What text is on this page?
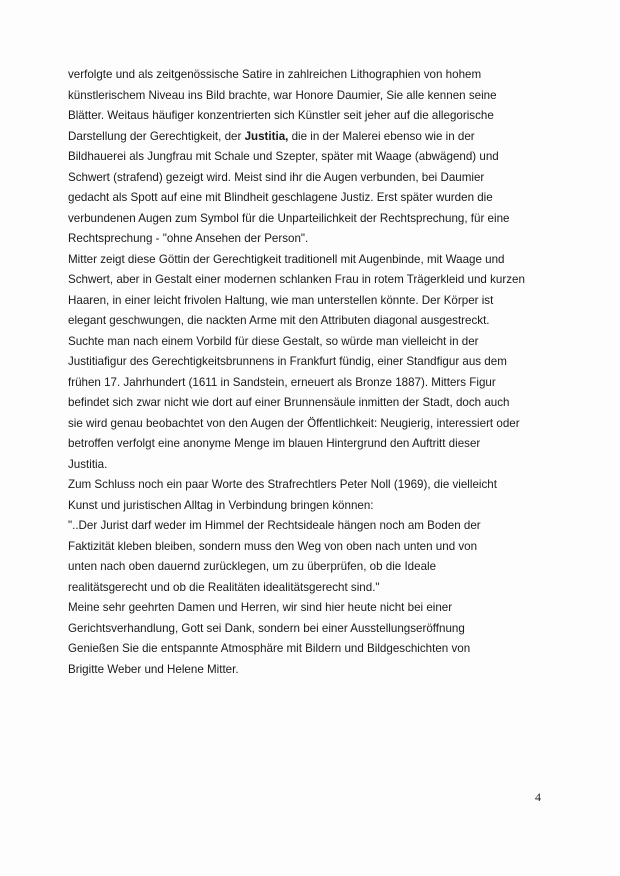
verfolgte und als zeitgenössische Satire in zahlreichen Lithographien von hohem
künstlerischem Niveau ins Bild brachte, war Honore Daumier, Sie alle kennen seine
Blätter. Weitaus häufiger konzentrierten sich Künstler seit jeher auf die allegorische
Darstellung der Gerechtigkeit, der Justitia, die in der Malerei ebenso wie in der
Bildhauerei als Jungfrau mit Schale und Szepter, später mit Waage (abwägend) und
Schwert (strafend) gezeigt wird. Meist sind ihr die Augen verbunden, bei Daumier
gedacht als Spott auf eine mit Blindheit geschlagene Justiz. Erst später wurden die
verbundenen Augen zum Symbol für die Unparteilichkeit der Rechtsprechung, für eine
Rechtsprechung - "ohne Ansehen der Person".
Mitter zeigt diese Göttin der Gerechtigkeit traditionell mit Augenbinde, mit Waage und
Schwert, aber in Gestalt einer modernen schlanken Frau in rotem Trägerkleid und kurzen
Haaren, in einer leicht frivolen Haltung, wie man unterstellen könnte. Der Körper ist
elegant geschwungen, die nackten Arme mit den Attributen diagonal ausgestreckt.
Suchte man nach einem Vorbild für diese Gestalt, so würde man vielleicht in der
Justitiafigur des Gerechtigkeitsbrunnens in Frankfurt fündig, einer Standfigur aus dem
frühen 17. Jahrhundert (1611 in Sandstein, erneuert als Bronze 1887). Mitters Figur
befindet sich zwar nicht wie dort auf einer Brunnensäule inmitten der Stadt, doch auch
sie wird genau beobachtet von den Augen der Öffentlichkeit: Neugierig, interessiert oder
betroffen verfolgt eine anonyme Menge im blauen Hintergrund den Auftritt dieser
Justitia.
Zum Schluss noch ein paar Worte des Strafrechtlers Peter Noll (1969), die vielleicht
Kunst und juristischen Alltag in Verbindung bringen können:
"..Der Jurist darf weder im Himmel der Rechtsideale hängen noch am Boden der
Faktizität kleben bleiben, sondern muss den Weg von oben nach unten und von
unten nach oben dauernd zurücklegen, um zu überprüfen, ob die Ideale
realitätsgerecht und ob die Realitäten idealitätsgerecht sind."
Meine sehr geehrten Damen und Herren, wir sind hier heute nicht bei einer
Gerichtsverhandlung, Gott sei Dank, sondern bei einer Ausstellungseröffnung
Genießen Sie die entspannte Atmosphäre mit Bildern und Bildgeschichten von
Brigitte Weber und Helene Mitter.
4
